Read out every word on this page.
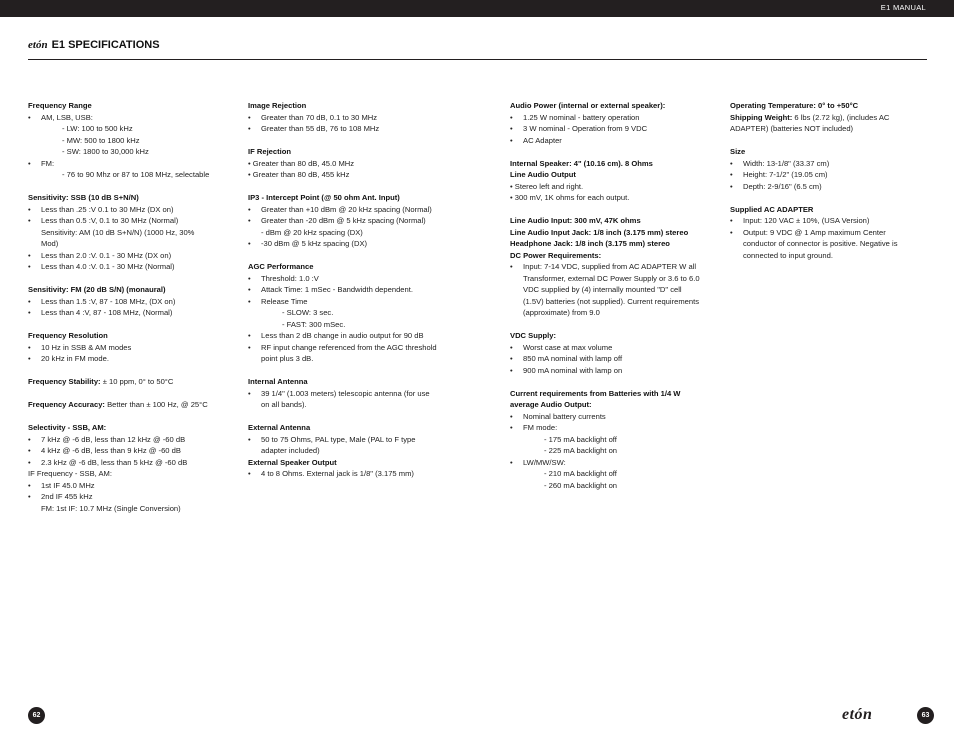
E1 MANUAL
etón E1 SPECIFICATIONS

Frequency Range

• AM, LSB, USB:

- LW: 100 to 500 kHz

- MW: 500 to 1800 kHz

- SW: 1800 to 30,000 kHz

• FM:

- 76 to 90 Mhz or 87 to 108 MHz, selectable

Sensitivity: SSB (10 dB S+N/N)

• Less than .25 :V 0.1 to 30 MHz (DX on)

• Less than 0.5 :V, 0.1 to 30 MHz (Normal)

Sensitivity: AM (10 dB S+N/N) (1000 Hz, 30%

Mod)

• Less than 2.0 :V. 0.1 - 30 MHz (DX on)

• Less than 4.0 :V. 0.1 - 30 MHz (Normal)

Sensitivity: FM (20 dB S/N) (monaural)

• Less than 1.5 :V, 87 - 108 MHz, (DX on)

• Less than 4 :V, 87 - 108 MHz, (Normal)

Frequency Resolution

• 10 Hz in SSB & AM modes

• 20 kHz in FM mode.

Frequency Stability: ± 10 ppm, 0° to 50°C

Frequency Accuracy: Better than ± 100 Hz, @ 25°C

Selectivity - SSB, AM:

• 7 kHz @ -6 dB, less than 12 kHz @ -60 dB

• 4 kHz @ -6 dB, less than 9 kHz @ -60 dB

• 2.3 kHz @ -6 dB, less than 5 kHz @ -60 dB

IF Frequency - SSB, AM:

• 1st IF 45.0 MHz

• 2nd IF 455 kHz

FM: 1st IF: 10.7 MHz (Single Conversion)

Image Rejection

• Greater than 70 dB, 0.1 to 30 MHz

• Greater than 55 dB, 76 to 108 MHz

IF Rejection

• Greater than 80 dB, 45.0 MHz

• Greater than 80 dB, 455 kHz

IP3 - Intercept Point (@ 50 ohm Ant. Input)

• Greater than +10 dBm @ 20 kHz spacing (Normal)

• Greater than -20 dBm @ 5 kHz spacing (Normal)

- dBm @ 20 kHz spacing (DX)

• -30 dBm @ 5 kHz spacing (DX)

AGC Performance

• Threshold: 1.0 :V

• Attack Time: 1 mSec - Bandwidth dependent.

• Release Time

- SLOW: 3 sec.

- FAST: 300 mSec.

• Less than 2 dB change in audio output for 90 dB

• RF input change referenced from the AGC threshold

point plus 3 dB.

Internal Antenna

• 39 1/4" (1.003 meters) telescopic antenna (for use

on all bands).

External Antenna

• 50 to 75 Ohms, PAL type, Male (PAL to F type

adapter included)

External Speaker Output

• 4 to 8 Ohms. External jack is 1/8" (3.175 mm)

Audio Power (internal or external speaker):

• 1.25 W nominal - battery operation

• 3 W nominal - Operation from 9 VDC

• AC Adapter

Internal Speaker: 4" (10.16 cm). 8 Ohms

Line Audio Output

• Stereo left and right.

• 300 mV, 1K ohms for each output.

Line Audio Input: 300 mV, 47K ohms

Line Audio Input Jack: 1/8 inch (3.175 mm) stereo

Headphone Jack: 1/8 inch (3.175 mm) stereo

DC Power Requirements:

• Input: 7-14 VDC, supplied from AC ADAPTER W all

Transformer, external DC Power Supply or 3.6 to 6.0

VDC supplied by (4) internally mounted "D" cell

(1.5V) batteries (not supplied). Current requirements

(approximate) from 9.0

VDC Supply:

• Worst case at max volume

• 850 mA nominal with lamp off

• 900 mA nominal with lamp on

Current requirements from Batteries with 1/4 W

average Audio Output:

• Nominal battery currents

• FM mode:

- 175 mA backlight off

- 225 mA backlight on

• LW/MW/SW:

- 210 mA backlight off

- 260 mA backlight on

Operating Temperature: 0° to +50°C

Shipping Weight: 6 lbs (2.72 kg), (includes AC

ADAPTER) (batteries NOT included)

Size

• Width: 13-1/8" (33.37 cm)

• Height: 7-1/2" (19.05 cm)

• Depth: 2-9/16" (6.5 cm)

Supplied AC ADAPTER

• Input: 120 VAC ± 10%, (USA Version)

• Output: 9 VDC @ 1 Amp maximum Center

conductor of connector is positive. Negative is

connected to input ground.

62	etón	63
